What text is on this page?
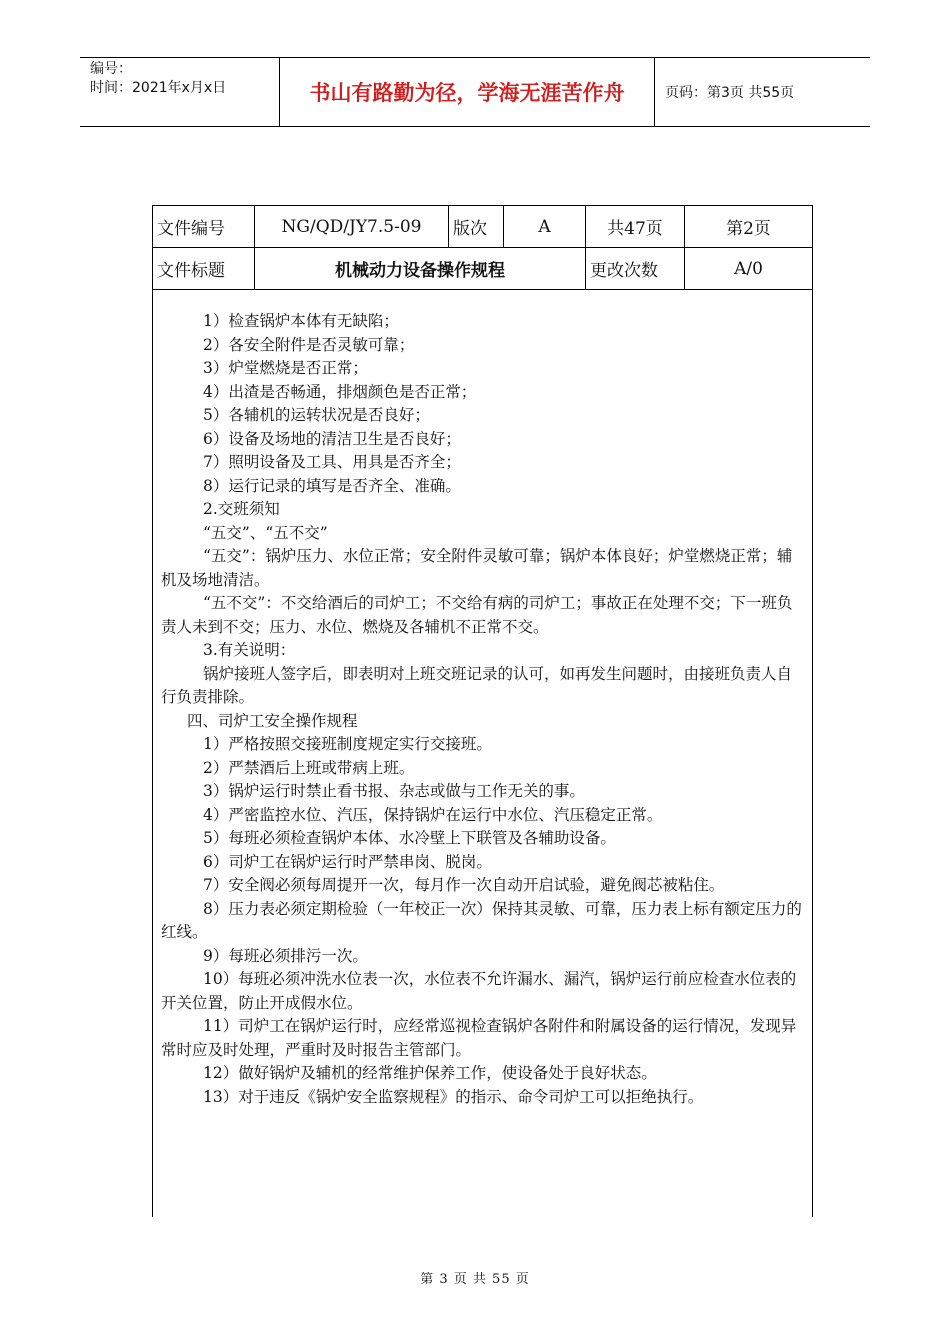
编号：
时间：2021年x月x日	书山有路勤为径，学海无涯苦作舟	页码：第3页 共55页
文件编号	NG/QD/JY7.5-09	版次	A	共47页	第2页
文件标题	机械动力设备操作规程	更改次数	A/0

1）检查锅炉本体有无缺陷；

2）各安全附件是否灵敏可靠；

3）炉堂燃烧是否正常；

4）出渣是否畅通，排烟颜色是否正常；

5）各辅机的运转状况是否良好；

6）设备及场地的清洁卫生是否良好；

7）照明设备及工具、用具是否齐全；

8）运行记录的填写是否齐全、准确。

2.交班须知

“五交”、“五不交”

“五交”：锅炉压力、水位正常；安全附件灵敏可靠；锅炉本体良好；炉堂燃烧正常；辅机及场地清洁。

“五不交”：不交给酒后的司炉工；不交给有病的司炉工；事故正在处理不交；下一班负责人未到不交；压力、水位、燃烧及各辅机不正常不交。

3.有关说明：

锅炉接班人签字后，即表明对上班交班记录的认可，如再发生问题时，由接班负责人自行负责排除。

四、司炉工安全操作规程

1）严格按照交接班制度规定实行交接班。

2）严禁酒后上班或带病上班。

3）锅炉运行时禁止看书报、杂志或做与工作无关的事。

4）严密监控水位、汽压，保持锅炉在运行中水位、汽压稳定正常。

5）每班必须检查锅炉本体、水冷壁上下联管及各辅助设备。

6）司炉工在锅炉运行时严禁串岗、脱岗。

7）安全阀必须每周提开一次，每月作一次自动开启试验，避免阀芯被粘住。

8）压力表必须定期检验（一年校正一次）保持其灵敏、可靠，压力表上标有额定压力的红线。

9）每班必须排污一次。

10）每班必须冲洗水位表一次，水位表不允许漏水、漏汽，锅炉运行前应检查水位表的开关位置，防止开成假水位。

11）司炉工在锅炉运行时，应经常巡视检查锅炉各附件和附属设备的运行情况，发现异常时应及时处理，严重时及时报告主管部门。

12）做好锅炉及辅机的经常维护保养工作，使设备处于良好状态。

13）对于违反《锅炉安全监察规程》的指示、命令司炉工可以拒绝执行。

第 3 页 共 55 页
